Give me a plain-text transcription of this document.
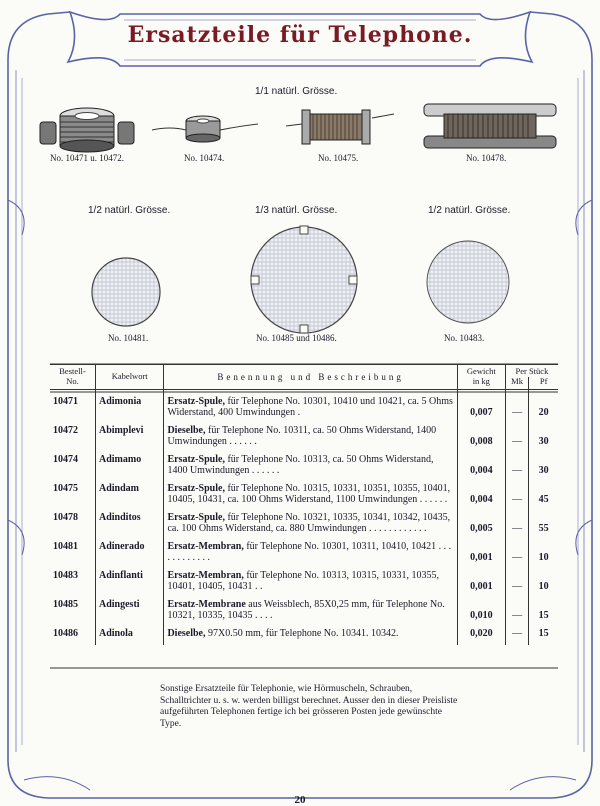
Ersatzteile für Telephone.
1/1 natürl. Grösse.
1/2 natürl. Grösse.	1/3 natürl. Grösse.	1/2 natürl. Grösse.
No. 10471 u. 10472.	No. 10474.	No. 10475.	No. 10478.
No. 10481.	No. 10485 und 10486.	No. 10483.
Bestell-
No.	Kabelwort	Benennung und Beschreibung	Gewicht
in kg	Per Stück	
				Mk	Pf

10471	Adimonia	Ersatz-Spule, für Telephone No. 10301, 10410 und 10421, ca. 5 Ohms Widerstand, 400 Umwindungen .	0,007	—	20

10472	Abimplevi	Dieselbe, für Telephone No. 10311, ca. 50 Ohms Widerstand, 1400 Umwindungen . . . . . .	0,008	—	30

10474	Adimamo	Ersatz-Spule, für Telephone No. 10313, ca. 50 Ohms Widerstand, 1400 Umwindungen . . . . . .	0,004	—	30

10475	Adindam	Ersatz-Spule, für Telephone No. 10315, 10331, 10351, 10355, 10401, 10405, 10431, ca. 100 Ohms Widerstand, 1100 Umwindungen . . . . . .	0,004	—	45

10478	Adinditos	Ersatz-Spule, für Telephone No. 10321, 10335, 10341, 10342, 10435, ca. 100 Ohms Widerstand, ca. 880 Umwindungen . . . . . . . . . . . .	0,005	—	55

10481	Adinerado	Ersatz-Membran, für Telephone No. 10301, 10311, 10410, 10421 . . . . . . . . . . . .	0,001	—	10

10483	Adinflanti	Ersatz-Membran, für Telephone No. 10313, 10315, 10331, 10355, 10401, 10405, 10431 . .	0,001	—	10

10485	Adingesti	Ersatz-Membrane aus Weissblech, 85X0,25 mm, für Telephone No. 10321, 10335, 10435 . . . .	0,010	—	15

10486	Adinola	Dieselbe, 97X0.50 mm, für Telephone No. 10341. 10342.	0,020	—	15

Sonstige Ersatzteile für Telephonie, wie Hörmuscheln, Schrauben, Schalltrichter u. s. w. werden billigst berechnet. Ausser den in dieser Preisliste aufgeführten Telephonen fertige ich bei grösseren Posten jede gewünschte Type.
20
